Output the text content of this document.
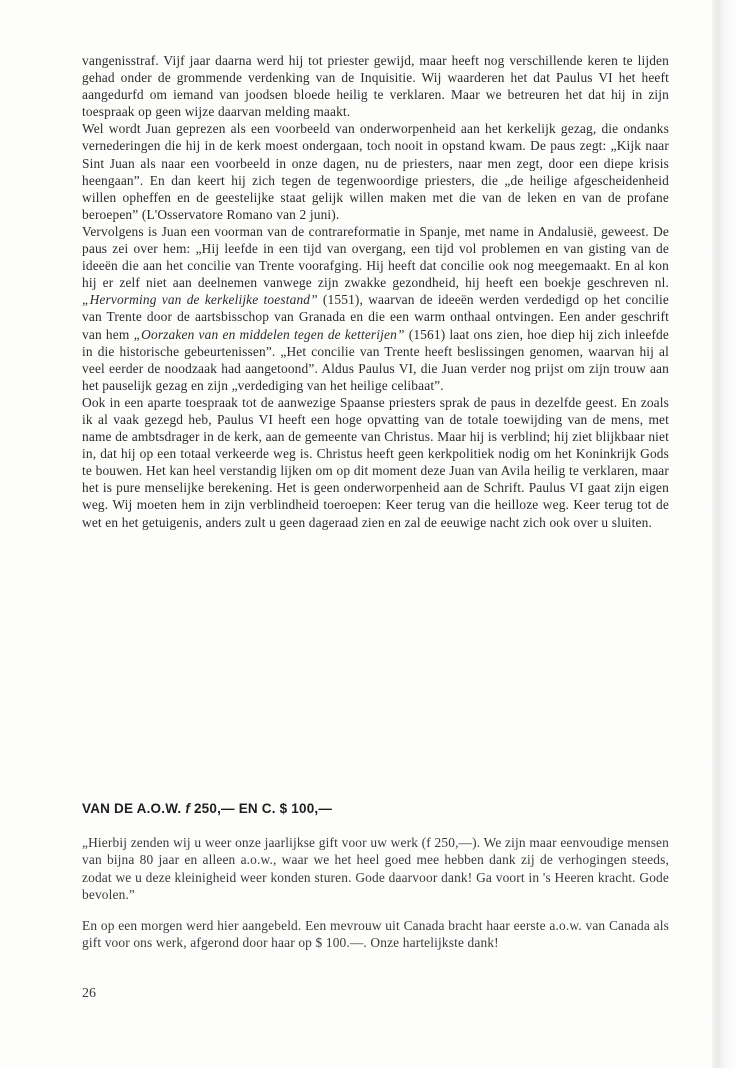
vangenisstraf. Vijf jaar daarna werd hij tot priester gewijd, maar heeft nog verschillende keren te lijden gehad onder de grommende verdenking van de Inquisitie. Wij waarderen het dat Paulus VI het heeft aangedurfd om iemand van joodsen bloede heilig te verklaren. Maar we betreuren het dat hij in zijn toespraak op geen wijze daarvan melding maakt.

Wel wordt Juan geprezen als een voorbeeld van onderworpenheid aan het kerkelijk gezag, die ondanks vernederingen die hij in de kerk moest ondergaan, toch nooit in opstand kwam. De paus zegt: „Kijk naar Sint Juan als naar een voorbeeld in onze dagen, nu de priesters, naar men zegt, door een diepe krisis heengaan”. En dan keert hij zich tegen de tegenwoordige priesters, die „de heilige afgescheidenheid willen opheffen en de geestelijke staat gelijk willen maken met die van de leken en van de profane beroepen” (L'Osservatore Romano van 2 juni).

Vervolgens is Juan een voorman van de contrareformatie in Spanje, met name in Andalusië, geweest. De paus zei over hem: „Hij leefde in een tijd van overgang, een tijd vol problemen en van gisting van de ideeën die aan het concilie van Trente voorafging. Hij heeft dat concilie ook nog meegemaakt. En al kon hij er zelf niet aan deelnemen vanwege zijn zwakke gezondheid, hij heeft een boekje geschreven nl. „Hervorming van de kerkelijke toestand” (1551), waarvan de ideeën werden verdedigd op het concilie van Trente door de aartsbisschop van Granada en die een warm onthaal ontvingen. Een ander geschrift van hem „Oorzaken van en middelen tegen de ketterijen” (1561) laat ons zien, hoe diep hij zich inleefde in die historische gebeurtenissen”. „Het concilie van Trente heeft beslissingen genomen, waarvan hij al veel eerder de noodzaak had aangetoond”. Aldus Paulus VI, die Juan verder nog prijst om zijn trouw aan het pauselijk gezag en zijn „verdediging van het heilige celibaat”.

Ook in een aparte toespraak tot de aanwezige Spaanse priesters sprak de paus in dezelfde geest. En zoals ik al vaak gezegd heb, Paulus VI heeft een hoge opvatting van de totale toewijding van de mens, met name de ambtsdrager in de kerk, aan de gemeente van Christus. Maar hij is verblind; hij ziet blijkbaar niet in, dat hij op een totaal verkeerde weg is. Christus heeft geen kerkpolitiek nodig om het Koninkrijk Gods te bouwen. Het kan heel verstandig lijken om op dit moment deze Juan van Avila heilig te verklaren, maar het is pure menselijke berekening. Het is geen onderworpenheid aan de Schrift. Paulus VI gaat zijn eigen weg. Wij moeten hem in zijn verblindheid toeroepen: Keer terug van die heilloze weg. Keer terug tot de wet en het getuigenis, anders zult u geen dageraad zien en zal de eeuwige nacht zich ook over u sluiten.

VAN DE A.O.W. f 250,— EN C. $ 100,—

„Hierbij zenden wij u weer onze jaarlijkse gift voor uw werk (f 250,—). We zijn maar eenvoudige mensen van bijna 80 jaar en alleen a.o.w., waar we het heel goed mee hebben dank zij de verhogingen steeds, zodat we u deze kleinigheid weer konden sturen. Gode daarvoor dank! Ga voort in 's Heeren kracht. Gode bevolen.”

En op een morgen werd hier aangebeld. Een mevrouw uit Canada bracht haar eerste a.o.w. van Canada als gift voor ons werk, afgerond door haar op $ 100.—. Onze hartelijkste dank!

26
